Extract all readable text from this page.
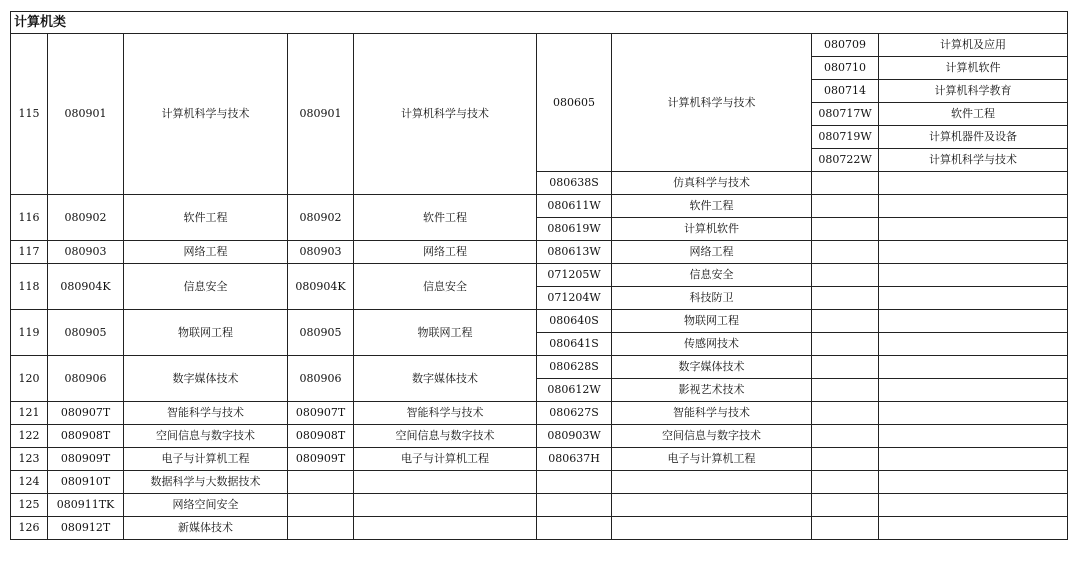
计算机类								
115	080901	计算机科学与技术	080901	计算机科学与技术	080605	计算机科学与技术	080709	计算机及应用
							080710	计算机软件
							080714	计算机科学教育
							080717W	软件工程
							080719W	计算机器件及设备
							080722W	计算机科学与技术
					080638S	仿真科学与技术		
116	080902	软件工程	080902	软件工程	080611W	软件工程		
					080619W	计算机软件		
117	080903	网络工程	080903	网络工程	080613W	网络工程		
118	080904K	信息安全	080904K	信息安全	071205W	信息安全		
					071204W	科技防卫		
119	080905	物联网工程	080905	物联网工程	080640S	物联网工程		
					080641S	传感网技术		
120	080906	数字媒体技术	080906	数字媒体技术	080628S	数字媒体技术		
					080612W	影视艺术技术		
121	080907T	智能科学与技术	080907T	智能科学与技术	080627S	智能科学与技术		
122	080908T	空间信息与数字技术	080908T	空间信息与数字技术	080903W	空间信息与数字技术		
123	080909T	电子与计算机工程	080909T	电子与计算机工程	080637H	电子与计算机工程		
124	080910T	数据科学与大数据技术						
125	080911TK	网络空间安全						
126	080912T	新媒体技术						
